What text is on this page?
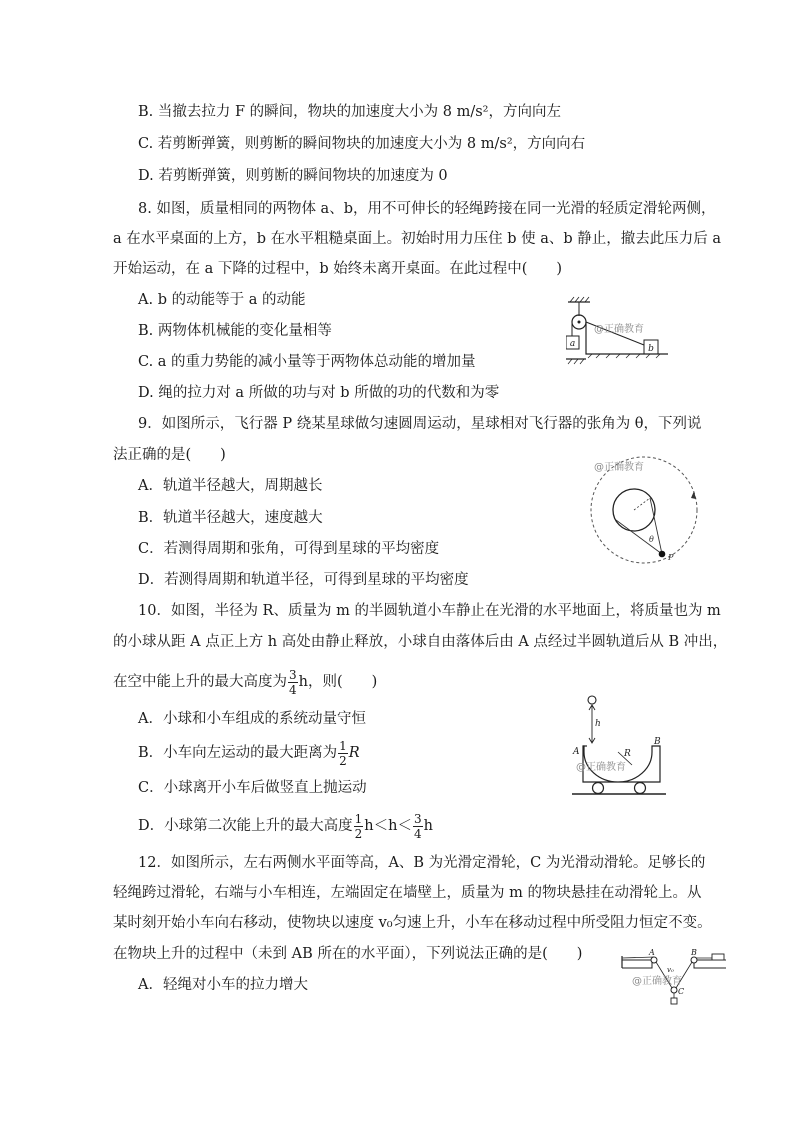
B. 当撤去拉力 F 的瞬间，物块的加速度大小为 8 m/s²，方向向左
C. 若剪断弹簧，则剪断的瞬间物块的加速度大小为 8 m/s²，方向向右
D. 若剪断弹簧，则剪断的瞬间物块的加速度为 0
8. 如图，质量相同的两物体 a、b，用不可伸长的轻绳跨接在同一光滑的轻质定滑轮两侧，
a 在水平桌面的上方，b 在水平粗糙桌面上。初始时用力压住 b 使 a、b 静止，撤去此压力后 a
开始运动，在 a 下降的过程中，b 始终未离开桌面。在此过程中(　　)
A. b 的动能等于 a 的动能
B. 两物体机械能的变化量相等
C. a 的重力势能的减小量等于两物体总动能的增加量
D. 绳的拉力对 a 所做的功与对 b 所做的功的代数和为零
a	b
@正确教育
9．如图所示，飞行器 P 绕某星球做匀速圆周运动，星球相对飞行器的张角为 θ，下列说
法正确的是(　　)
A．轨道半径越大，周期越长
B．轨道半径越大，速度越大
C．若测得周期和张角，可得到星球的平均密度
D．若测得周期和轨道半径，可得到星球的平均密度
θ
P
@正确教育
10．如图，半径为 R、质量为 m 的半圆轨道小车静止在光滑的水平地面上，将质量也为 m
的小球从距 A 点正上方 h 高处由静止释放，小球自由落体后由 A 点经过半圆轨道后从 B 冲出，
在空中能上升的最大高度为 $\frac{3}{4}$ h，则(　　)
A．小球和小车组成的系统动量守恒
B．小车向左运动的最大距离为 $\frac{1}{2}$ R
C．小球离开小车后做竖直上抛运动
D．小球第二次能上升的最大高度 $\frac{1}{2} h<h< \frac{3}{4}$ h
h
A
B
R
@正确教育
12．如图所示，左右两侧水平面等高，A、B 为光滑定滑轮，C 为光滑动滑轮。足够长的
轻绳跨过滑轮，右端与小车相连，左端固定在墙壁上，质量为 m 的物块悬挂在动滑轮上。从
某时刻开始小车向右移动，使物块以速度 v₀匀速上升，小车在移动过程中所受阻力恒定不变。
在物块上升的过程中（未到 AB 所在的水平面），下列说法正确的是(　　)
A．轻绳对小车的拉力增大
A	B
C
v₀
@正确教育
